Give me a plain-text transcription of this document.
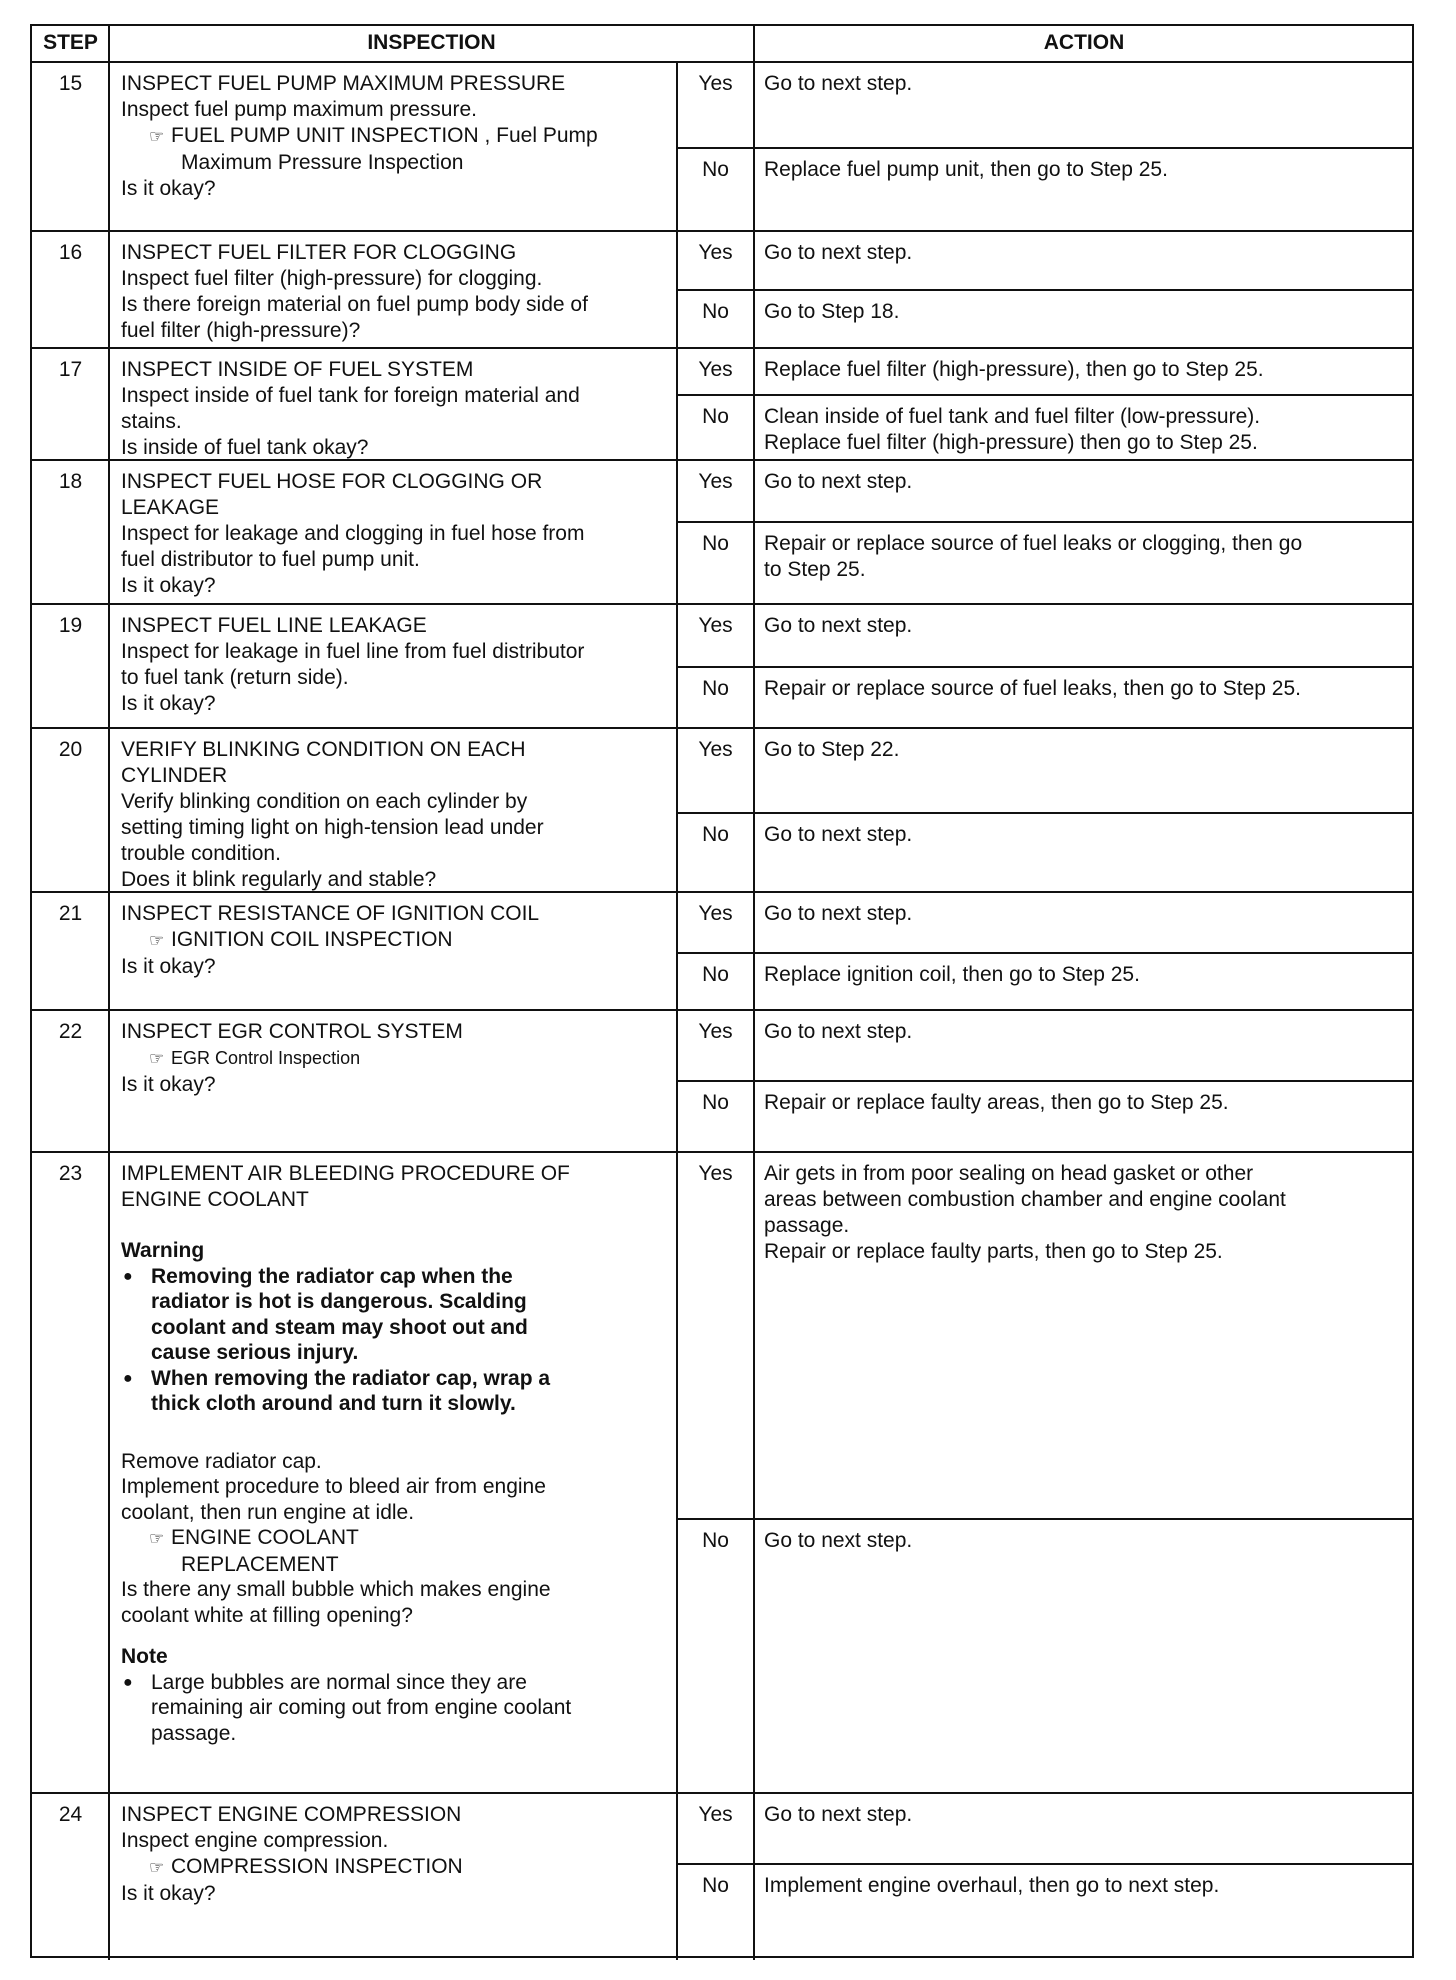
STEP	INSPECTION	ACTION
15	INSPECT FUEL PUMP MAXIMUM PRESSURE
Inspect fuel pump maximum pressure.
☞ FUEL PUMP UNIT INSPECTION , Fuel Pump
Maximum Pressure Inspection
Is it okay?
Yes	Go to next step.
No	Replace fuel pump unit, then go to Step 25.
16	INSPECT FUEL FILTER FOR CLOGGING
Inspect fuel filter (high-pressure) for clogging.
Is there foreign material on fuel pump body side of
fuel filter (high-pressure)?
Yes	Go to next step.
No	Go to Step 18.
17	INSPECT INSIDE OF FUEL SYSTEM
Inspect inside of fuel tank for foreign material and
stains.
Is inside of fuel tank okay?
Yes	Replace fuel filter (high-pressure), then go to Step 25.
No	Clean inside of fuel tank and fuel filter (low-pressure).
Replace fuel filter (high-pressure) then go to Step 25.
18	INSPECT FUEL HOSE FOR CLOGGING OR
LEAKAGE
Inspect for leakage and clogging in fuel hose from
fuel distributor to fuel pump unit.
Is it okay?
Yes	Go to next step.
No	Repair or replace source of fuel leaks or clogging, then go
to Step 25.
19	INSPECT FUEL LINE LEAKAGE
Inspect for leakage in fuel line from fuel distributor
to fuel tank (return side).
Is it okay?
Yes	Go to next step.
No	Repair or replace source of fuel leaks, then go to Step 25.
20	VERIFY BLINKING CONDITION ON EACH
CYLINDER
Verify blinking condition on each cylinder by
setting timing light on high-tension lead under
trouble condition.
Does it blink regularly and stable?
Yes	Go to Step 22.
No	Go to next step.
21	INSPECT RESISTANCE OF IGNITION COIL
☞ IGNITION COIL INSPECTION
Is it okay?
Yes	Go to next step.
No	Replace ignition coil, then go to Step 25.
22	INSPECT EGR CONTROL SYSTEM
☞ EGR Control Inspection
Is it okay?
Yes	Go to next step.
No	Repair or replace faulty areas, then go to Step 25.
23	IMPLEMENT AIR BLEEDING PROCEDURE OF
ENGINE COOLANT
Warning
● Removing the radiator cap when the
radiator is hot is dangerous. Scalding
coolant and steam may shoot out and
cause serious injury.
● When removing the radiator cap, wrap a
thick cloth around and turn it slowly.
Remove radiator cap.
Implement procedure to bleed air from engine
coolant, then run engine at idle.
☞ ENGINE COOLANT
REPLACEMENT
Is there any small bubble which makes engine
coolant white at filling opening?
Note
● Large bubbles are normal since they are
remaining air coming out from engine coolant
passage.
Yes	Air gets in from poor sealing on head gasket or other
areas between combustion chamber and engine coolant
passage.
Repair or replace faulty parts, then go to Step 25.
No	Go to next step.
24	INSPECT ENGINE COMPRESSION
Inspect engine compression.
☞ COMPRESSION INSPECTION
Is it okay?
Yes	Go to next step.
No	Implement engine overhaul, then go to next step.
